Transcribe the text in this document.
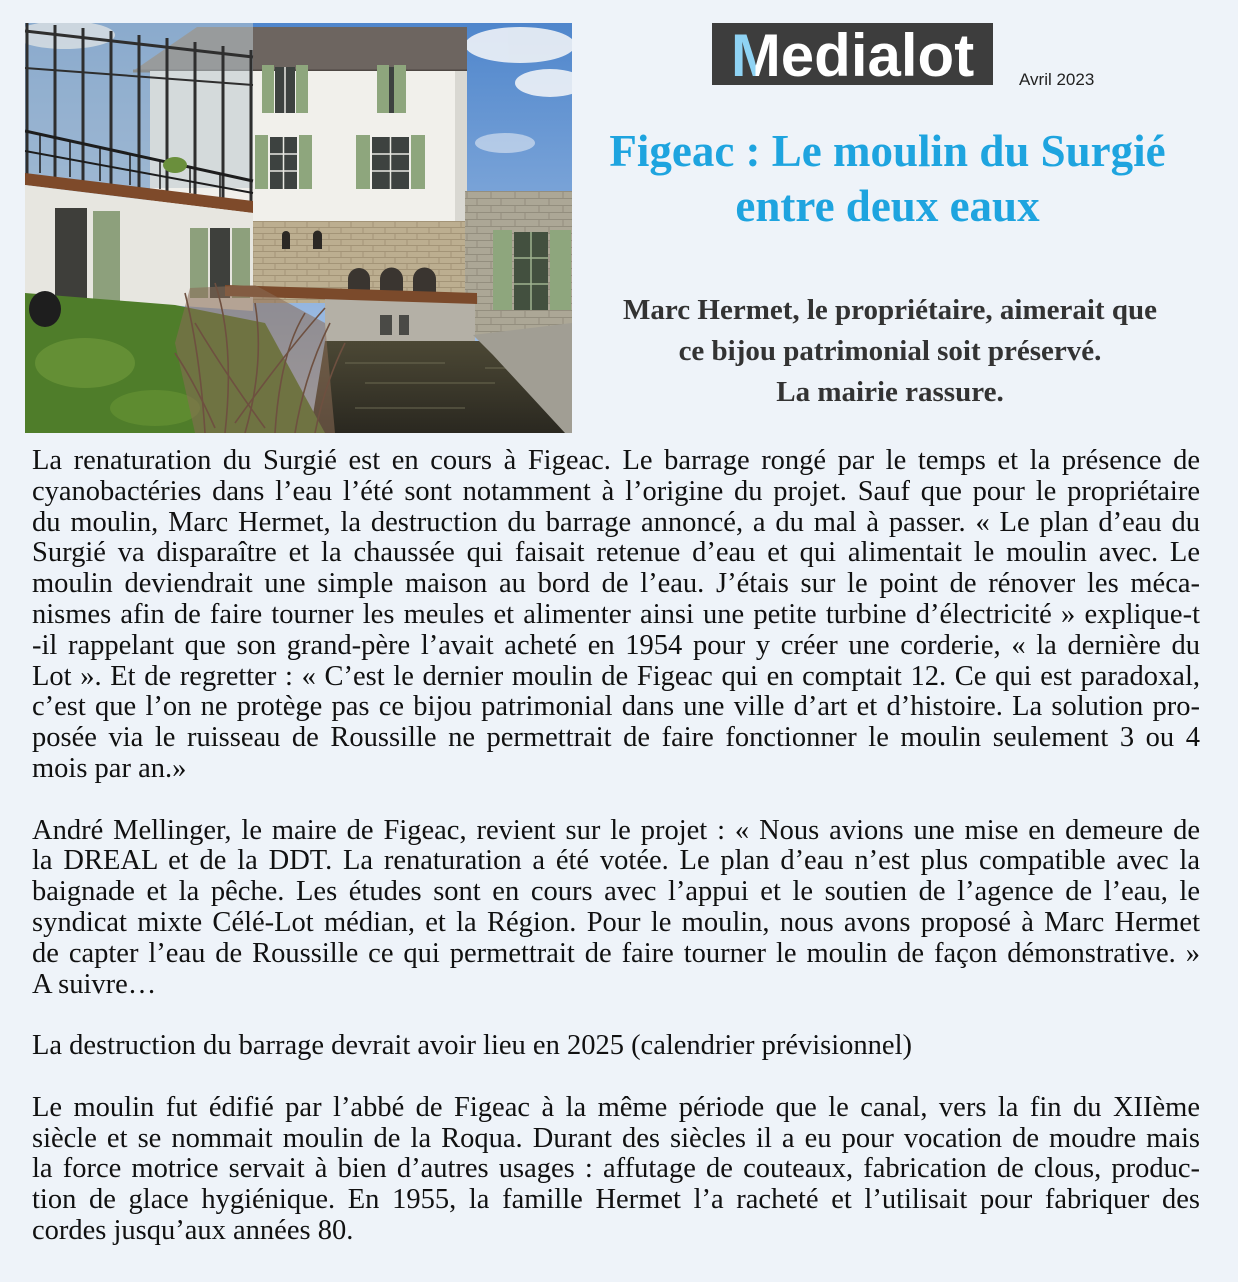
Medialot	Avril 2023
Figeac : Le moulin du Surgié
entre deux eaux
Marc Hermet, le propriétaire, aimerait que
ce bijou patrimonial soit préservé.
La mairie rassure.
La renaturation du Surgié est en cours à Figeac. Le barrage rongé par le temps et la présence de
cyanobactéries dans l’eau l’été sont notamment à l’origine du projet. Sauf que pour le propriétaire
du moulin, Marc Hermet, la destruction du barrage annoncé, a du mal à passer. « Le plan d’eau du
Surgié va disparaître et la chaussée qui faisait retenue d’eau et qui alimentait le moulin avec. Le
moulin deviendrait une simple maison au bord de l’eau. J’étais sur le point de rénover les méca-
nismes afin de faire tourner les meules et alimenter ainsi une petite turbine d’électricité » explique-t
-il rappelant que son grand-père l’avait acheté en 1954 pour y créer une corderie, « la dernière du
Lot ». Et de regretter : « C’est le dernier moulin de Figeac qui en comptait 12. Ce qui est paradoxal,
c’est que l’on ne protège pas ce bijou patrimonial dans une ville d’art et d’histoire. La solution pro-
posée via le ruisseau de Roussille ne permettrait de faire fonctionner le moulin seulement 3 ou 4
mois par an.»
André Mellinger, le maire de Figeac, revient sur le projet : « Nous avions une mise en demeure de
la DREAL et de la DDT. La renaturation a été votée. Le plan d’eau n’est plus compatible avec la
baignade et la pêche. Les études sont en cours avec l’appui et le soutien de l’agence de l’eau, le
syndicat mixte Célé-Lot médian, et la Région. Pour le moulin, nous avons proposé à Marc Hermet
de capter l’eau de Roussille ce qui permettrait de faire tourner le moulin de façon démonstrative. »
A suivre…
La destruction du barrage devrait avoir lieu en 2025 (calendrier prévisionnel)
Le moulin fut édifié par l’abbé de Figeac à la même période que le canal, vers la fin du XIIème
siècle et se nommait moulin de la Roqua. Durant des siècles il a eu pour vocation de moudre mais
la force motrice servait à bien d’autres usages : affutage de couteaux, fabrication de clous, produc-
tion de glace hygiénique. En 1955, la famille Hermet l’a racheté et l’utilisait pour fabriquer des
cordes jusqu’aux années 80.
